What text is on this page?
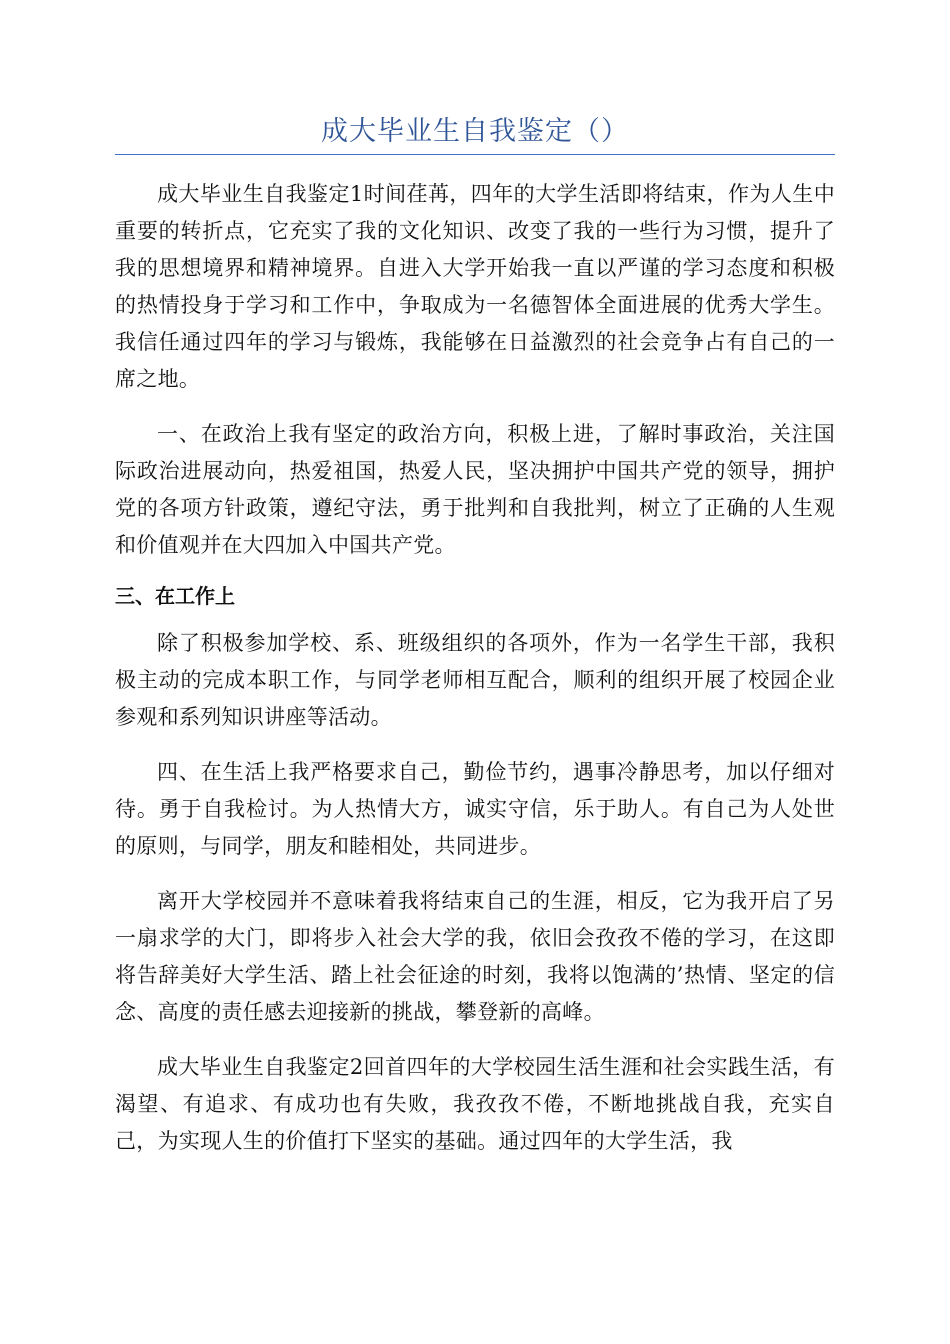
成大毕业生自我鉴定（）

成大毕业生自我鉴定1时间荏苒，四年的大学生活即将结束，作为人生中重要的转折点，它充实了我的文化知识、改变了我的一些行为习惯，提升了我的思想境界和精神境界。自进入大学开始我一直以严谨的学习态度和积极的热情投身于学习和工作中，争取成为一名德智体全面进展的优秀大学生。我信任通过四年的学习与锻炼，我能够在日益激烈的社会竞争占有自己的一席之地。

一、在政治上我有坚定的政治方向，积极上进，了解时事政治，关注国际政治进展动向，热爱祖国，热爱人民，坚决拥护中国共产党的领导，拥护党的各项方针政策，遵纪守法，勇于批判和自我批判，树立了正确的人生观和价值观并在大四加入中国共产党。

三、在工作上

除了积极参加学校、系、班级组织的各项外，作为一名学生干部，我积极主动的完成本职工作，与同学老师相互配合，顺利的组织开展了校园企业参观和系列知识讲座等活动。

四、在生活上我严格要求自己，勤俭节约，遇事冷静思考，加以仔细对待。勇于自我检讨。为人热情大方，诚实守信，乐于助人。有自己为人处世的原则，与同学，朋友和睦相处，共同进步。

离开大学校园并不意味着我将结束自己的生涯，相反，它为我开启了另一扇求学的大门，即将步入社会大学的我，依旧会孜孜不倦的学习，在这即将告辞美好大学生活、踏上社会征途的时刻，我将以饱满的’热情、坚定的信念、高度的责任感去迎接新的挑战，攀登新的高峰。

成大毕业生自我鉴定2回首四年的大学校园生活生涯和社会实践生活，有渴望、有追求、有成功也有失败，我孜孜不倦，不断地挑战自我，充实自己，为实现人生的价值打下坚实的基础。通过四年的大学生活，我
